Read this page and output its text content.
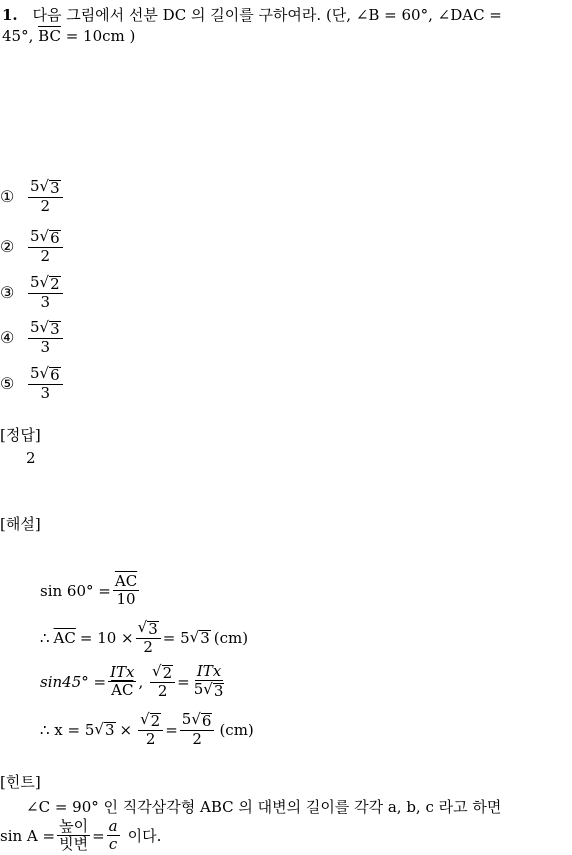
1. 다음 그림에서 선분 DC 의 길이를 구하여라. (단, ∠B = 60°, ∠DAC =
45°, $\overline{BC} = 10cm$ )
① $\frac{5 √ 3}{2}$
② $\frac{5 √ 6}{2}$
③ $\frac{5 √ 2}{3}$
④ $\frac{5 √ 3}{3}$
⑤ $\frac{5 √ 6}{3}$
[정답]
2
[해설]
$\sin 60^\circ = \frac{\overline{AC}}{10}$
∴ $\overline{AC} = 10 \times \frac{√ 3}{2} = 5$ √ 3 (cm)
$\sin 45^\circ = \frac{\text{ITx}}{AC}$ , $\frac{√ 2}{2} = \frac{\text{ITx}}{5 √ 3}$
∴ x = 5 √ $3 \times \frac{√ 2}{2} = \frac{5 √ 6}{2} (cm)$
[힌트]
∠C = 90° 인 직각삼각형 ABC 의 대변의 길이를 각각 a, b, c 라고 하면
$\sin A = \frac{\text{높이}}{\text{빗변}} = \frac{a}{c}$ 이다.
